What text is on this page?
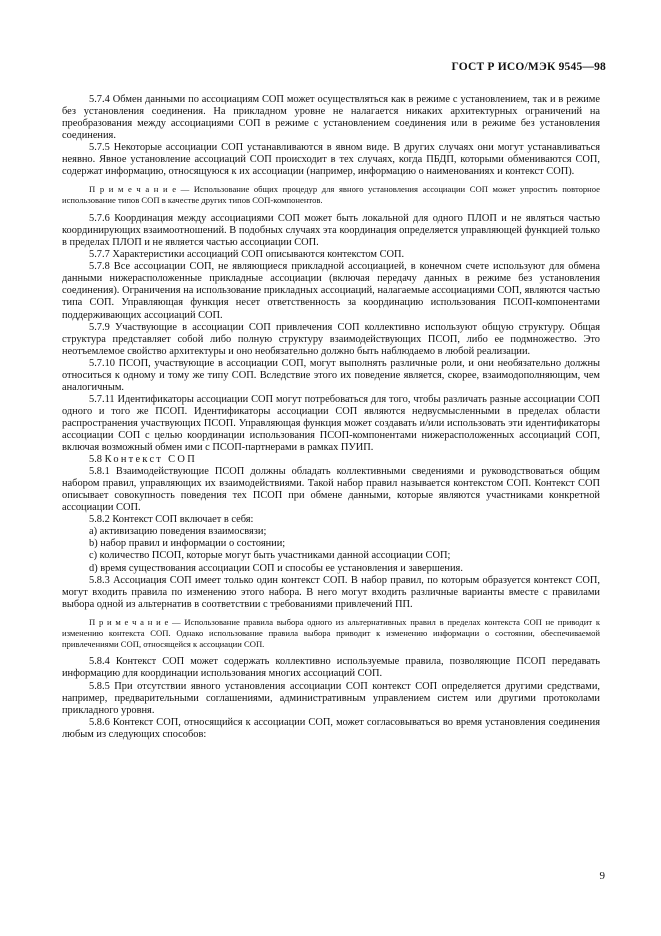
ГОСТ Р ИСО/МЭК 9545—98

5.7.4 Обмен данными по ассоциациям СОП может осуществляться как в режиме с установлением, так и в режиме без установления соединения. На прикладном уровне не налагается никаких архитектурных ограничений на преобразования между ассоциациями СОП в режиме с установлением соединения или в режиме без установления соединения.

5.7.5 Некоторые ассоциации СОП устанавливаются в явном виде. В других случаях они могут устанавливаться неявно. Явное установление ассоциаций СОП происходит в тех случаях, когда ПБДП, которыми обмениваются СОП, содержат информацию, относящуюся к их ассоциации (например, информацию о наименованиях и контекст СОП).

П р и м е ч а н и е — Использование общих процедур для явного установления ассоциации СОП может упростить повторное использование типов СОП в качестве других типов СОП-компонентов.

5.7.6 Координация между ассоциациями СОП может быть локальной для одного ПЛОП и не являться частью координирующих взаимоотношений. В подобных случаях эта координация определяется управляющей функцией только в пределах ПЛОП и не является частью ассоциации СОП.

5.7.7 Характеристики ассоциаций СОП описываются контекстом СОП.

5.7.8 Все ассоциации СОП, не являющиеся прикладной ассоциацией, в конечном счете используют для обмена данными нижерасположенные прикладные ассоциации (включая передачу данных в режиме без установления соединения). Ограничения на использование прикладных ассоциаций, налагаемые ассоциациями СОП, являются частью типа СОП. Управляющая функция несет ответственность за координацию использования ПСОП-компонентами поддерживающих ассоциаций СОП.

5.7.9 Участвующие в ассоциации СОП привлечения СОП коллективно используют общую структуру. Общая структура представляет собой либо полную структуру взаимодействующих ПСОП, либо ее подмножество. Это неотъемлемое свойство архитектуры и оно необязательно должно быть наблюдаемо в любой реализации.

5.7.10 ПСОП, участвующие в ассоциации СОП, могут выполнять различные роли, и они необязательно должны относиться к одному и тому же типу СОП. Вследствие этого их поведение является, скорее, взаимодополняющим, чем аналогичным.

5.7.11 Идентификаторы ассоциации СОП могут потребоваться для того, чтобы различать разные ассоциации СОП одного и того же ПСОП. Идентификаторы ассоциации СОП являются недвусмысленными в пределах области распространения участвующих ПСОП. Управляющая функция может создавать и/или использовать эти идентификаторы ассоциации СОП с целью координации использования ПСОП-компонентами нижерасположенных ассоциаций СОП, включая возможный обмен ими с ПСОП-партнерами в рамках ПУИП.

5.8 Контекст СОП

5.8.1 Взаимодействующие ПСОП должны обладать коллективными сведениями и руководствоваться общим набором правил, управляющих их взаимодействиями. Такой набор правил называется контекстом СОП. Контекст СОП описывает совокупность поведения тех ПСОП при обмене данными, которые являются участниками конкретной ассоциации СОП.

5.8.2 Контекст СОП включает в себя:

a) активизацию поведения взаимосвязи;

b) набор правил и информации о состоянии;

c) количество ПСОП, которые могут быть участниками данной ассоциации СОП;

d) время существования ассоциации СОП и способы ее установления и завершения.

5.8.3 Ассоциация СОП имеет только один контекст СОП. В набор правил, по которым образуется контекст СОП, могут входить правила по изменению этого набора. В него могут входить различные варианты вместе с правилами выбора одной из альтернатив в соответствии с требованиями привлечений ПП.

П р и м е ч а н и е — Использование правила выбора одного из альтернативных правил в пределах контекста СОП не приводит к изменению контекста СОП. Однако использование правила выбора приводит к изменению информации о состоянии, обеспечиваемой привлечениями СОП, относящейся к ассоциации СОП.

5.8.4 Контекст СОП может содержать коллективно используемые правила, позволяющие ПСОП передавать информацию для координации использования многих ассоциаций СОП.

5.8.5 При отсутствии явного установления ассоциации СОП контекст СОП определяется другими средствами, например, предварительными соглашениями, административным управлением систем или другими протоколами прикладного уровня.

5.8.6 Контекст СОП, относящийся к ассоциации СОП, может согласовываться во время установления соединения любым из следующих способов:

9
